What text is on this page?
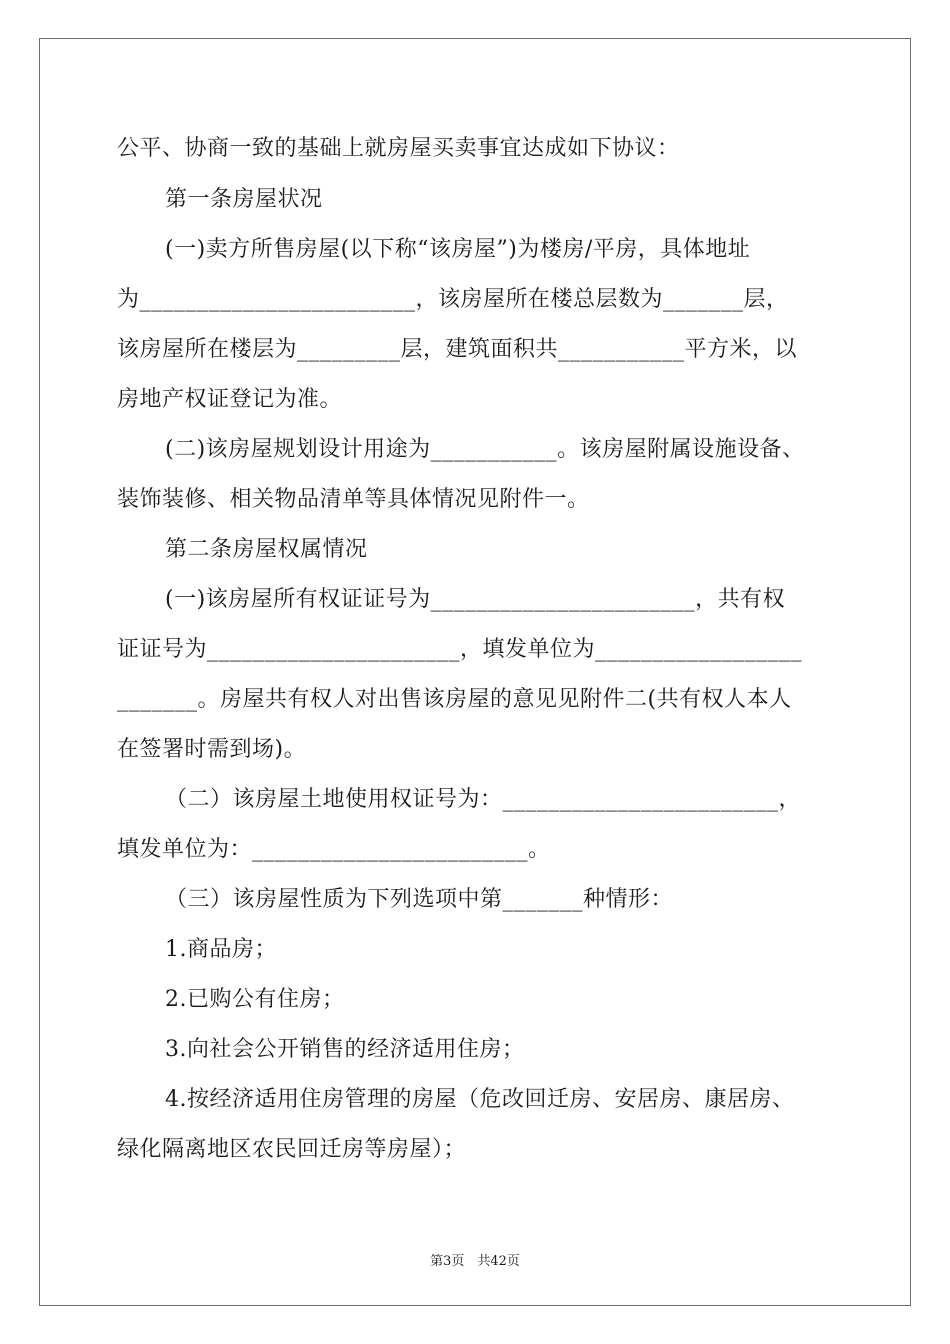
公平、协商一致的基础上就房屋买卖事宜达成如下协议：
第一条房屋状况
(一)卖方所售房屋(以下称“该房屋”)为楼房/平房，具体地址
为________________________，该房屋所在楼总层数为_______层，
该房屋所在楼层为_________层，建筑面积共___________平方米，以
房地产权证登记为准。
(二)该房屋规划设计用途为___________。该房屋附属设施设备、
装饰装修、相关物品清单等具体情况见附件一。
第二条房屋权属情况
(一)该房屋所有权证证号为_______________________，共有权
证证号为______________________，填发单位为__________________
_______。房屋共有权人对出售该房屋的意见见附件二(共有权人本人
在签署时需到场)。
（二）该房屋土地使用权证号为：________________________，
填发单位为：________________________。
（三）该房屋性质为下列选项中第_______种情形：
1.商品房；
2.已购公有住房；
3.向社会公开销售的经济适用住房；
4.按经济适用住房管理的房屋（危改回迁房、安居房、康居房、
绿化隔离地区农民回迁房等房屋）；
第3页　共42页
